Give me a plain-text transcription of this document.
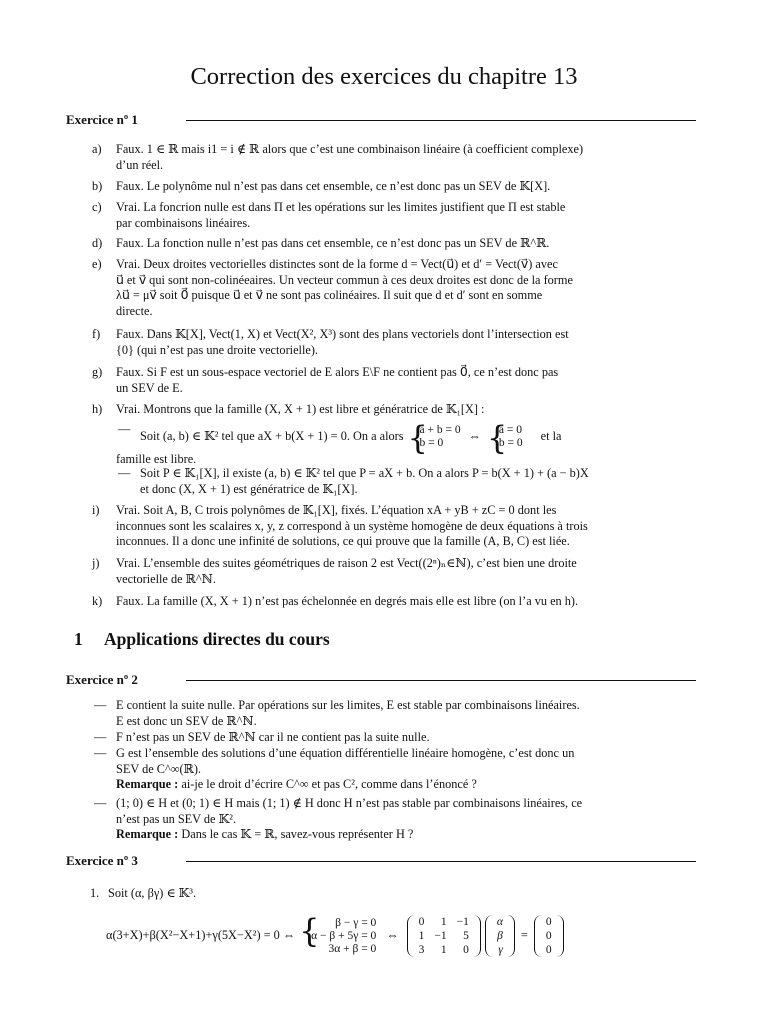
Correction des exercices du chapitre 13
Exercice nº 1
a) Faux. 1 ∈ ℝ mais i1 = i ∉ ℝ alors que c’est une combinaison linéaire (à coefficient complexe)
d’un réel.
b) Faux. Le polynôme nul n’est pas dans cet ensemble, ce n’est donc pas un SEV de 𝕂[X].
c) Vrai. La foncrion nulle est dans Π et les opérations sur les limites justifient que Π est stable
par combinaisons linéaires.
d) Faux. La fonction nulle n’est pas dans cet ensemble, ce n’est donc pas un SEV de ℝ^ℝ.
e) Vrai. Deux droites vectorielles distinctes sont de la forme d = Vect(u⃗) et d′ = Vect(v⃗) avec
u⃗ et v⃗ qui sont non-colinéeaires. Un vecteur commun à ces deux droites est donc de la forme
λu⃗ = μv⃗ soit 0⃗ puisque u⃗ et v⃗ ne sont pas colinéaires. Il suit que d et d′ sont en somme
directe.
f) Faux. Dans 𝕂[X], Vect(1, X) et Vect(X², X³) sont des plans vectoriels dont l’intersection est
{0} (qui n’est pas une droite vectorielle).
g) Faux. Si F est un sous-espace vectoriel de E alors E\F ne contient pas 0⃗, ce n’est donc pas
un SEV de E.
h) Vrai. Montrons que la famille (X, X + 1) est libre et génératrice de 𝕂₁[X] :
—
Soit (a, b) ∈ 𝕂² tel que aX + b(X + 1) = 0. On a alors { a + b = 0
b = 0	⇔ { a = 0
b = 0 et la
famille est libre.
— Soit P ∈ 𝕂₁[X], il existe (a, b) ∈ 𝕂² tel que P = aX + b. On a alors P = b(X + 1) + (a − b)X
et donc (X, X + 1) est génératrice de 𝕂₁[X].
i) Vrai. Soit A, B, C trois polynômes de 𝕂₁[X], fixés. L’équation xA + yB + zC = 0 dont les
inconnues sont les scalaires x, y, z correspond à un système homogène de deux équations à trois
inconnues. Il a donc une infinité de solutions, ce qui prouve que la famille (A, B, C) est liée.
j) Vrai. L’ensemble des suites géométriques de raison 2 est Vect((2ⁿ)ₙ∈ℕ), c’est bien une droite
vectorielle de ℝ^ℕ.
k) Faux. La famille (X, X + 1) n’est pas échelonnée en degrés mais elle est libre (on l’a vu en h).
1 Applications directes du cours
Exercice nº 2
— E contient la suite nulle. Par opérations sur les limites, E est stable par combinaisons linéaires.
E est donc un SEV de ℝ^ℕ.
— F n’est pas un SEV de ℝ^ℕ car il ne contient pas la suite nulle.
— G est l’ensemble des solutions d’une équation différentielle linéaire homogène, c’est donc un
SEV de C^∞(ℝ).
Remarque : ai-je le droit d’écrire C^∞ et pas C², comme dans l’énoncé ?
— (1; 0) ∈ H et (0; 1) ∈ H mais (1; 1) ∉ H donc H n’est pas stable par combinaisons linéaires, ce
n’est pas un SEV de 𝕂².
Remarque : Dans le cas 𝕂 = ℝ, savez-vous représenter H ?
Exercice nº 3
1. Soit (α, βγ) ∈ 𝕂³.
α(3+X)+β(X²−X+1)+γ(5X−X²) = 0 ⇔
{ β − γ = 0
α − β + 5γ = 0
3α + β = 0
⇔
0	1	−1
1	−1	5
3	1	0
α
β
γ
=
0
0
0
